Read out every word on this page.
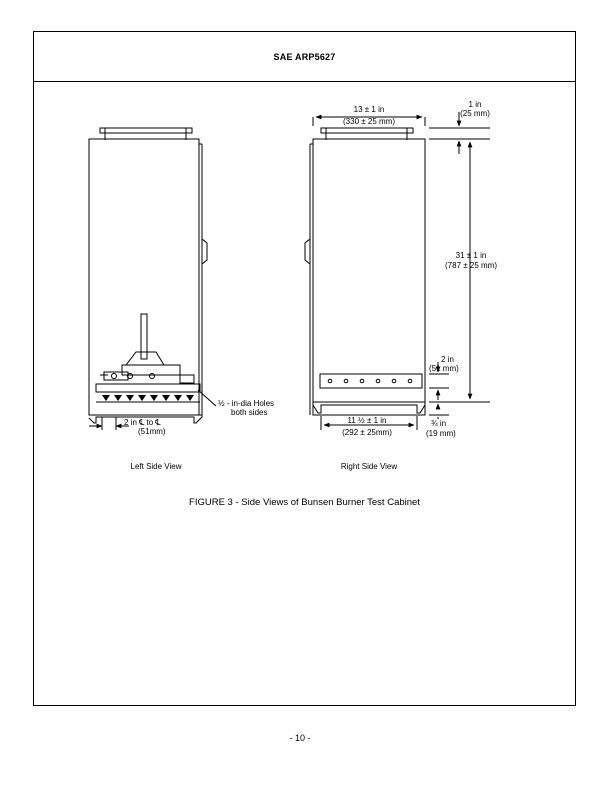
SAE ARP5627
½ - in-dia Holes
both sides
2 in ℄ to ℄
(51mm)
Left Side View
13 ± 1 in
(330 ± 25 mm)
1 in
(25 mm)
31 ± 1 in
(787 ± 25 mm)
2 in
(51 mm)
¾ in
(19 mm)
11 ½ ± 1 in
(292 ± 25mm)
Right Side View
FIGURE 3 - Side Views of Bunsen Burner Test Cabinet
- 10 -
